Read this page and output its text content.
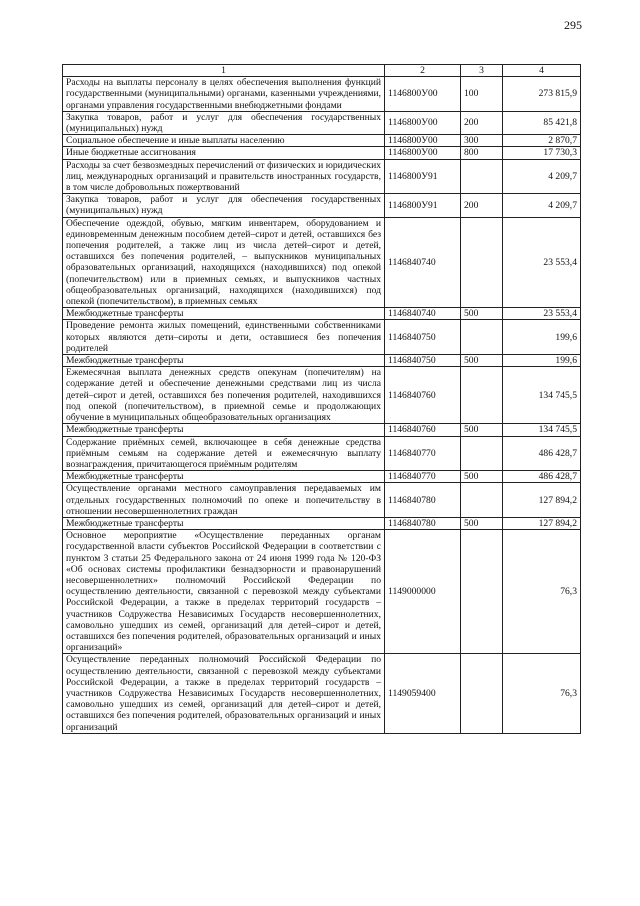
295
1	2	3	4
Расходы на выплаты персоналу в целях обеспечения выполнения функций государственными (муниципальными) органами, казенными учреждениями, органами управления государственными внебюджетными фондами	1146800У00	100	273 815,9
Закупка товаров, работ и услуг для обеспечения государственных (муниципальных) нужд	1146800У00	200	85 421,8
Социальное обеспечение и иные выплаты населению	1146800У00	300	2 870,7
Иные бюджетные ассигнования	1146800У00	800	17 730,3
Расходы за счет безвозмездных перечислений от физических и юридических лиц, международных организаций и правительств иностранных государств, в том числе добровольных пожертвований	1146800У91		4 209,7
Закупка товаров, работ и услуг для обеспечения государственных (муниципальных) нужд	1146800У91	200	4 209,7
Обеспечение одеждой, обувью, мягким инвентарем, оборудованием и единовременным денежным пособием детей–сирот и детей, оставшихся без попечения родителей, а также лиц из числа детей–сирот и детей, оставшихся без попечения родителей, – выпускников муниципальных образовательных организаций, находящихся (находившихся) под опекой (попечительством) или в приемных семьях, и выпускников частных общеобразовательных организаций, находящихся (находившихся) под опекой (попечительством), в приемных семьях	1146840740		23 553,4
Межбюджетные трансферты	1146840740	500	23 553,4
Проведение ремонта жилых помещений, единственными собственниками которых являются дети–сироты и дети, оставшиеся без попечения родителей	1146840750		199,6
Межбюджетные трансферты	1146840750	500	199,6
Ежемесячная выплата денежных средств опекунам (попечителям) на содержание детей и обеспечение денежными средствами лиц из числа детей–сирот и детей, оставшихся без попечения родителей, находившихся под опекой (попечительством), в приемной семье и продолжающих обучение в муниципальных общеобразовательных организациях	1146840760		134 745,5
Межбюджетные трансферты	1146840760	500	134 745,5
Содержание приёмных семей, включающее в себя денежные средства приёмным семьям на содержание детей и ежемесячную выплату вознаграждения, причитающегося приёмным родителям	1146840770		486 428,7
Межбюджетные трансферты	1146840770	500	486 428,7
Осуществление органами местного самоуправления передаваемых им отдельных государственных полномочий по опеке и попечительству в отношении несовершеннолетних граждан	1146840780		127 894,2
Межбюджетные трансферты	1146840780	500	127 894,2
Основное мероприятие «Осуществление переданных органам государственной власти субъектов Российской Федерации в соответствии с пунктом 3 статьи 25 Федерального закона от 24 июня 1999 года № 120-ФЗ «Об основах системы профилактики безнадзорности и правонарушений несовершеннолетних» полномочий Российской Федерации по осуществлению деятельности, связанной с перевозкой между субъектами Российской Федерации, а также в пределах территорий государств – участников Содружества Независимых Государств несовершеннолетних, самовольно ушедших из семей, организаций для детей–сирот и детей, оставшихся без попечения родителей, образовательных организаций и иных организаций»	1149000000		76,3
Осуществление переданных полномочий Российской Федерации по осуществлению деятельности, связанной с перевозкой между субъектами Российской Федерации, а также в пределах территорий государств – участников Содружества Независимых Государств несовершеннолетних, самовольно ушедших из семей, организаций для детей–сирот и детей, оставшихся без попечения родителей, образовательных организаций и иных организаций	1149059400		76,3
